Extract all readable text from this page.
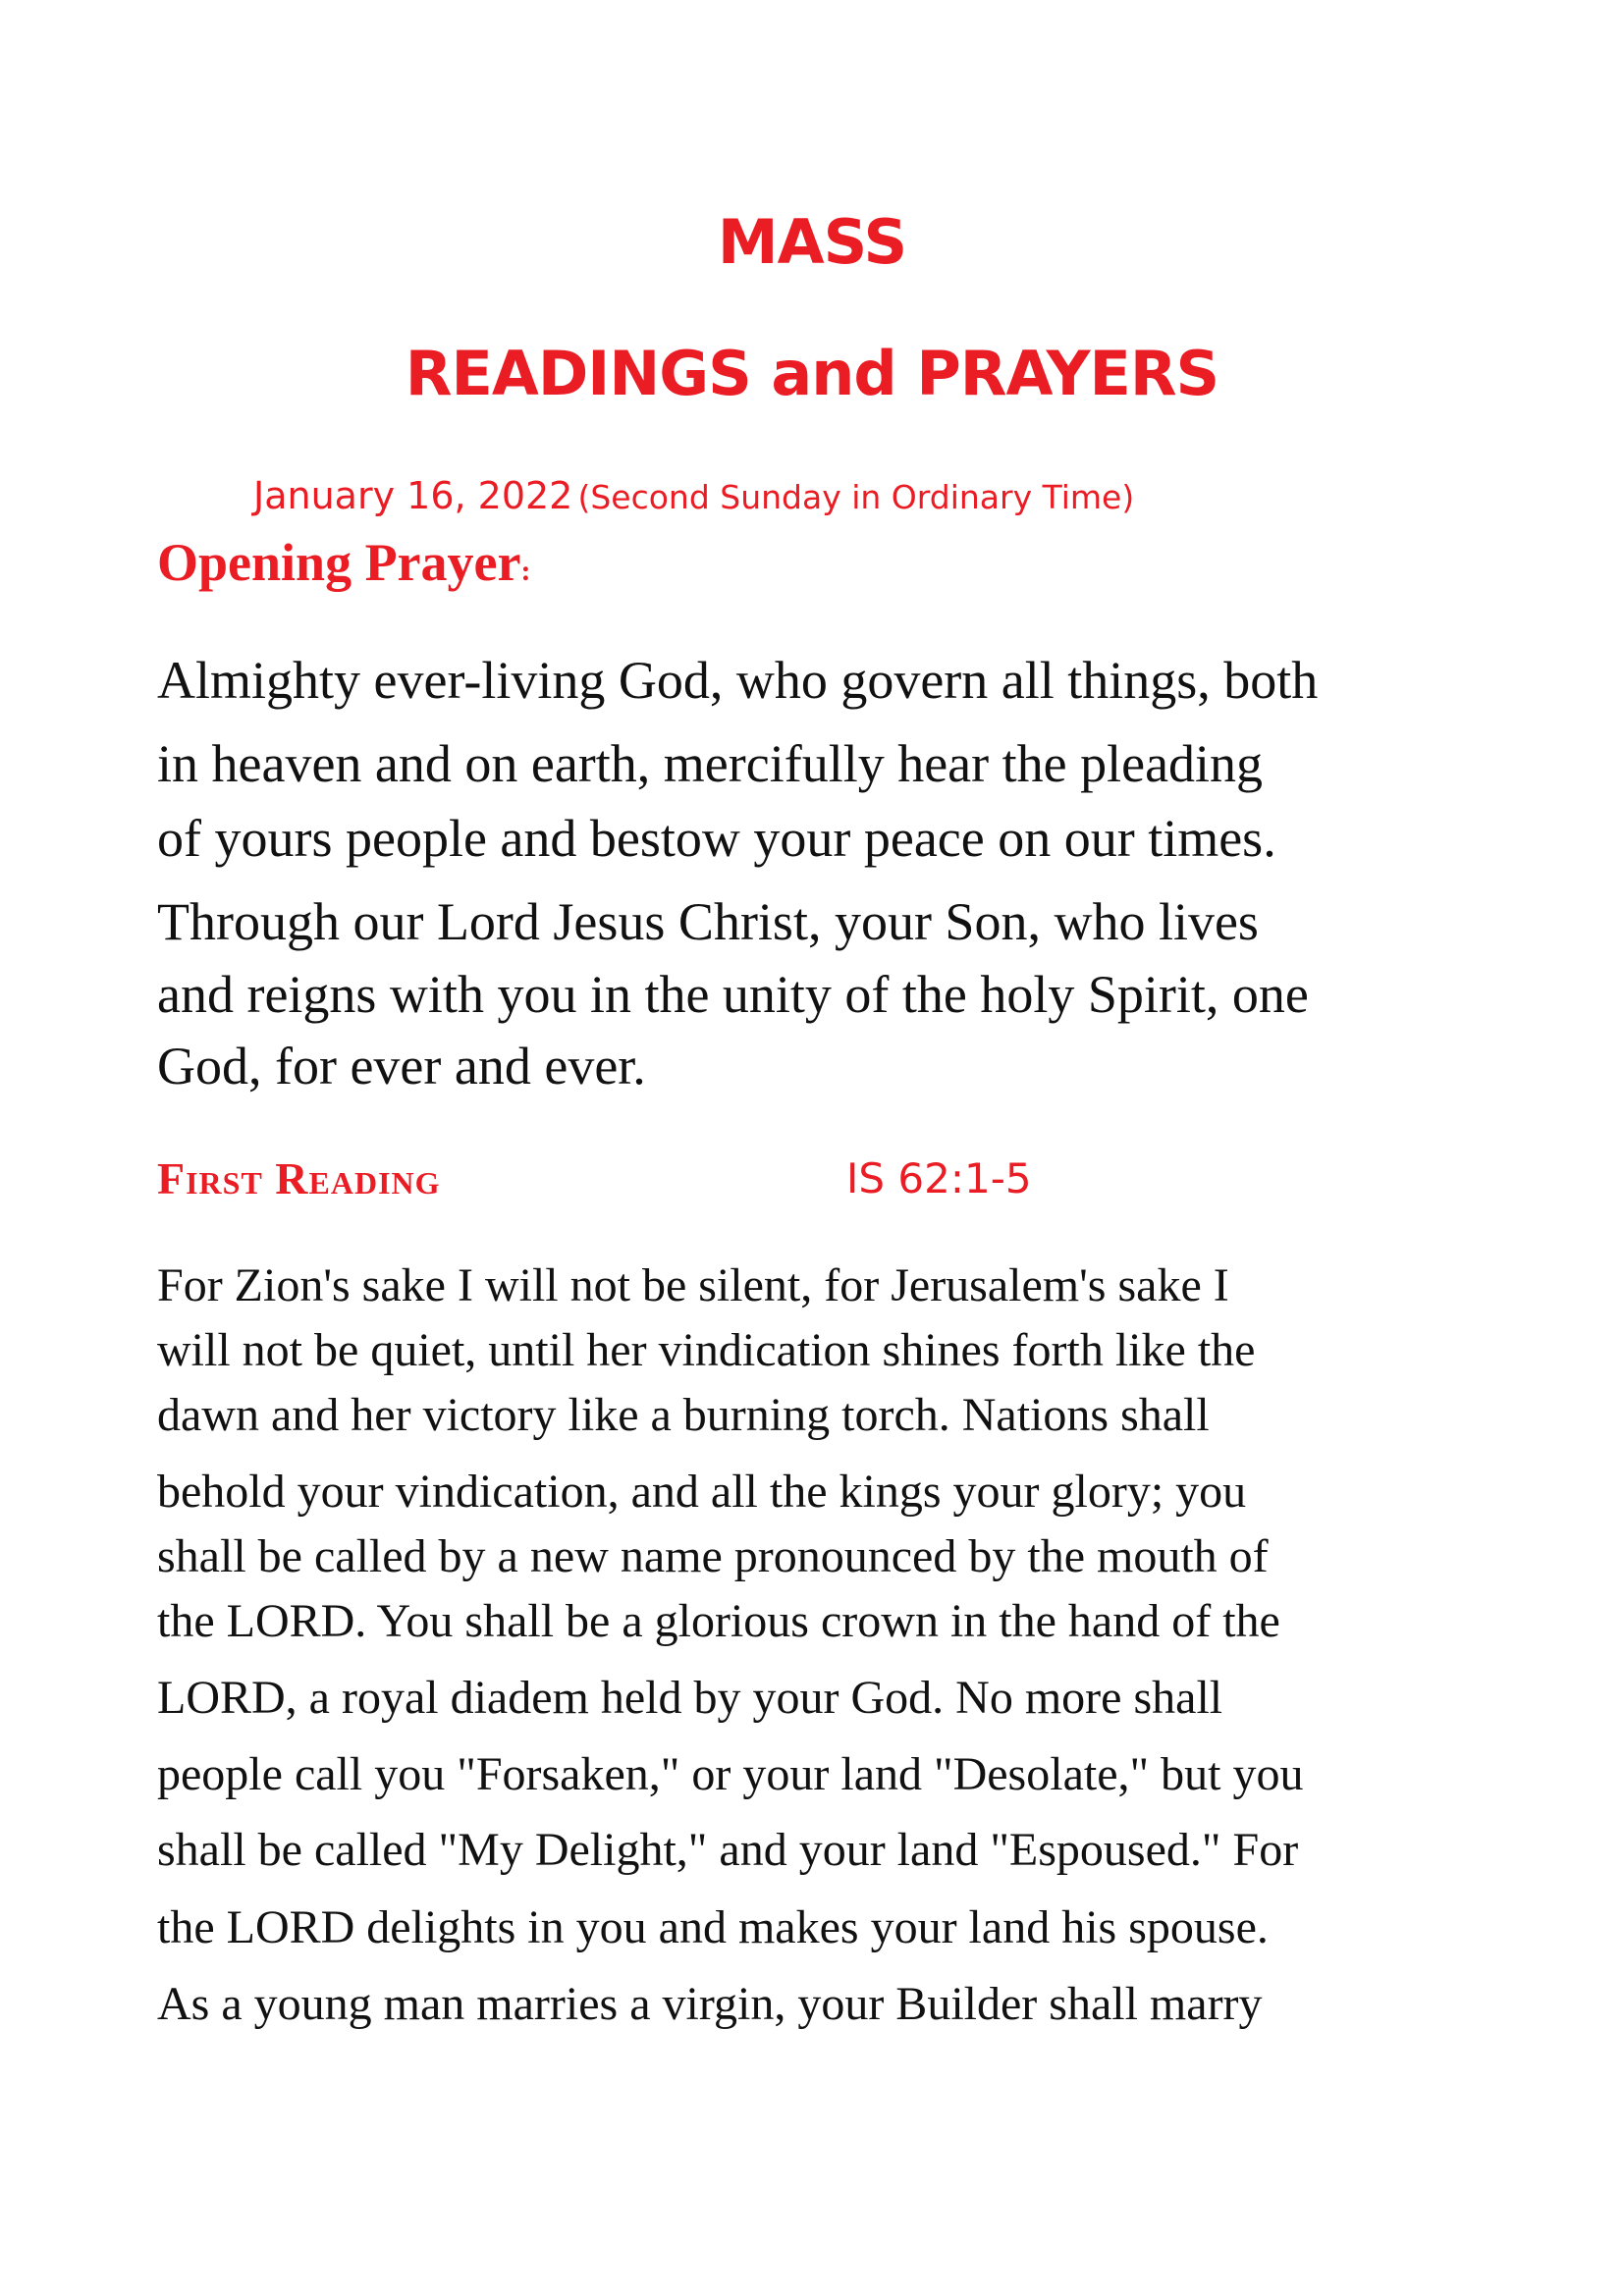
MASS
READINGS and PRAYERS
January 16, 2022 (Second Sunday in Ordinary Time)
Opening Prayer:
Almighty ever-living God, who govern all things, both
in heaven and on earth, mercifully hear the pleading
of yours people and bestow your peace on our times.
Through our Lord Jesus Christ, your Son, who lives
and reigns with you in the unity of the holy Spirit, one
God, for ever and ever.
First Reading	IS 62:1-5
For Zion's sake I will not be silent, for Jerusalem's sake I
will not be quiet, until her vindication shines forth like the
dawn and her victory like a burning torch. Nations shall
behold your vindication, and all the kings your glory; you
shall be called by a new name pronounced by the mouth of
the LORD. You shall be a glorious crown in the hand of the
LORD, a royal diadem held by your God. No more shall
people call you "Forsaken," or your land "Desolate," but you
shall be called "My Delight," and your land "Espoused." For
the LORD delights in you and makes your land his spouse.
As a young man marries a virgin, your Builder shall marry
